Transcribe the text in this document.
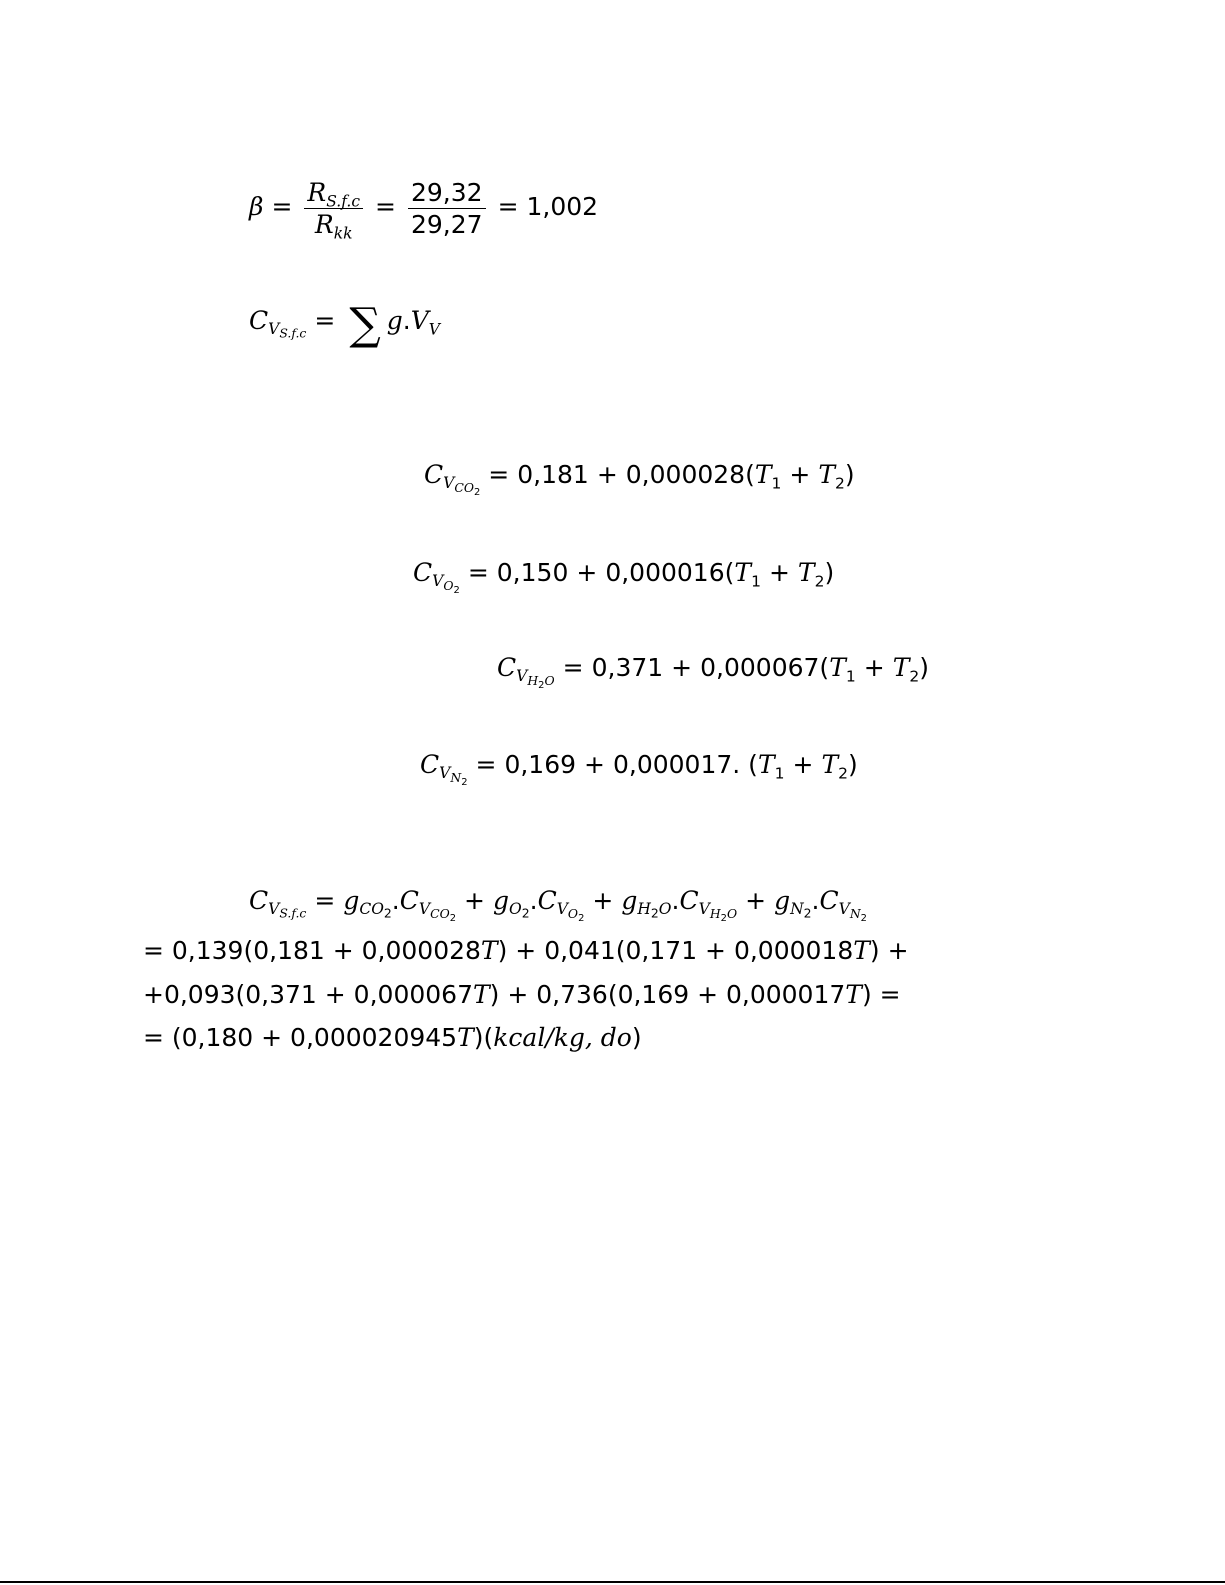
$\beta = \frac{R_{S.f.c}}{R_{kk}} = \frac{29,32}{29,27} = 1,002$
$C_{V_{S.f.c}}$ = ∑ $g.V_V$
$C_{V_{CO_2}}= 0,181 + 0,000028(T_1 + T_2)$
$C_{V_{O_2}}= 0,150 + 0,000016(T_1 + T_2)$
$C_{V_{H_2O}} = 0,371 + 0,000067(T_1 + T_2)$
$C_{V_{N_2}}= 0,169 + 0,000017$. $(T_1 + T_2)$
$C_{V_{S.f.c}} = g_{CO_2}.C_{V_{CO_2}}+ g_{O_2}.C_{V_{O_2}}+ g_{H_2O}.C_{V_{H_2O}} + g_{N_2}.C_{V_{N_2}}$
= 0,139(0,181 + 0,000028T) + 0,041(0,171 + 0,000018T) +
+0,093(0,371 + 0,000067T) + 0,736(0,169 + 0,000017T) =
= (0,180 + 0,000020945T)(kcal/kg, do)
